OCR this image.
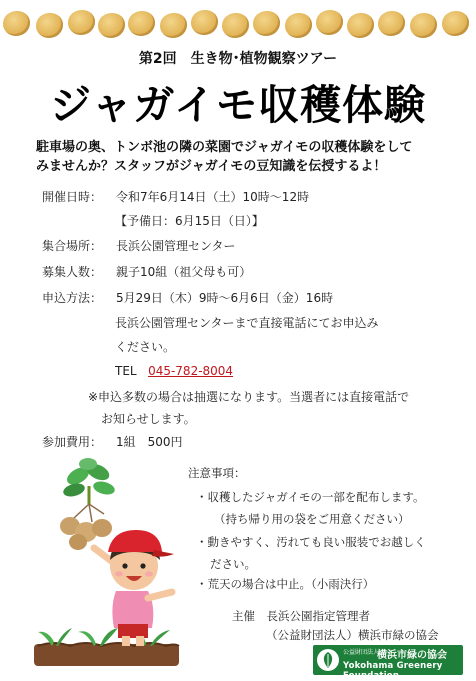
第2回　生き物･植物観察ツアー
ジャガイモ収穫体験
駐車場の奥、トンボ池の隣の菜園でジャガイモの収穫体験をして
みませんか？スタッフがジャガイモの豆知識を伝授するよ！
開催日時： 令和7年6月14日（土）10時～12時
【予備日：6月15日（日）】
集合場所： 長浜公園管理センター
募集人数： 親子10組（祖父母も可）
申込方法： 5月29日（木）9時～6月6日（金）16時
長浜公園管理センターまで直接電話にてお申込み
ください。
TEL 045-782-8004
※申込多数の場合は抽選になります。当選者には直接電話で
お知らせします。
参加費用： 1組　500円
注意事項：
・収穫したジャガイモの一部を配布します。
（持ち帰り用の袋をご用意ください）
・動きやすく、汚れても良い服装でお越しく
ださい。
・荒天の場合は中止。（小雨決行）
主催　長浜公園指定管理者
（公益財団法人）横浜市緑の協会
公益財団法人
横浜市緑の協会
Yokohama Greenery Foundation
